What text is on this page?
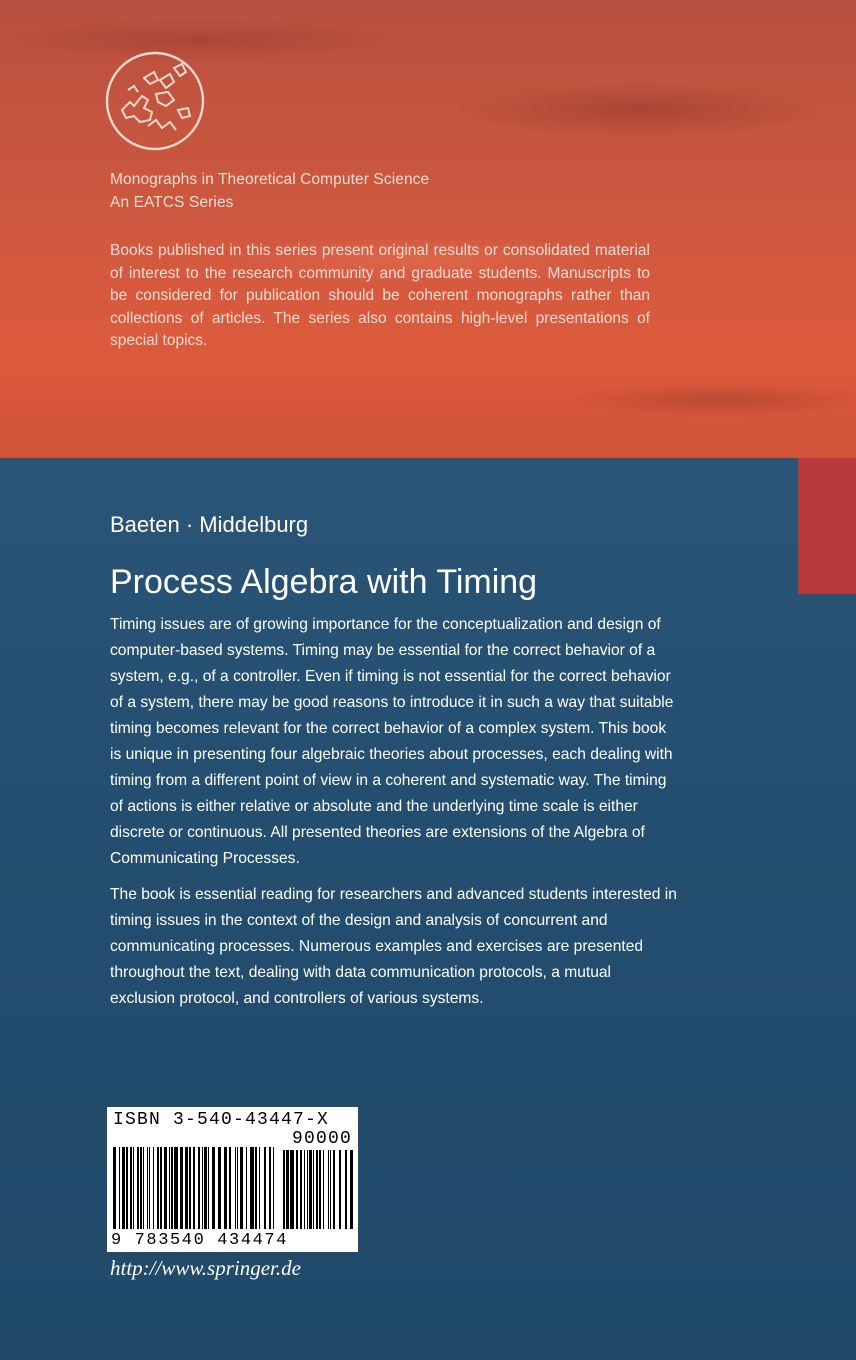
Monographs in Theoretical Computer Science
An EATCS Series

Books published in this series present original results or consolidated material of interest to the research community and graduate students. Manuscripts to be considered for publication should be coherent monographs rather than collections of articles. The series also contains high-level presentations of special topics.

Baeten · Middelburg
Process Algebra with Timing

Timing issues are of growing importance for the conceptualization and design of computer-based systems. Timing may be essential for the correct behavior of a system, e.g., of a controller. Even if timing is not essential for the correct behavior of a system, there may be good reasons to introduce it in such a way that suitable timing becomes relevant for the correct behavior of a complex system. This book is unique in presenting four algebraic theories about processes, each dealing with timing from a different point of view in a coherent and systematic way. The timing of actions is either relative or absolute and the underlying time scale is either discrete or continuous. All presented theories are extensions of the Algebra of Communicating Processes.

The book is essential reading for researchers and advanced students interested in timing issues in the context of the design and analysis of concurrent and communicating processes. Numerous examples and exercises are presented throughout the text, dealing with data communication protocols, a mutual exclusion protocol, and controllers of various systems.

ISBN 3-540-43447-X
90000
9 783540 434474
http://www.springer.de
